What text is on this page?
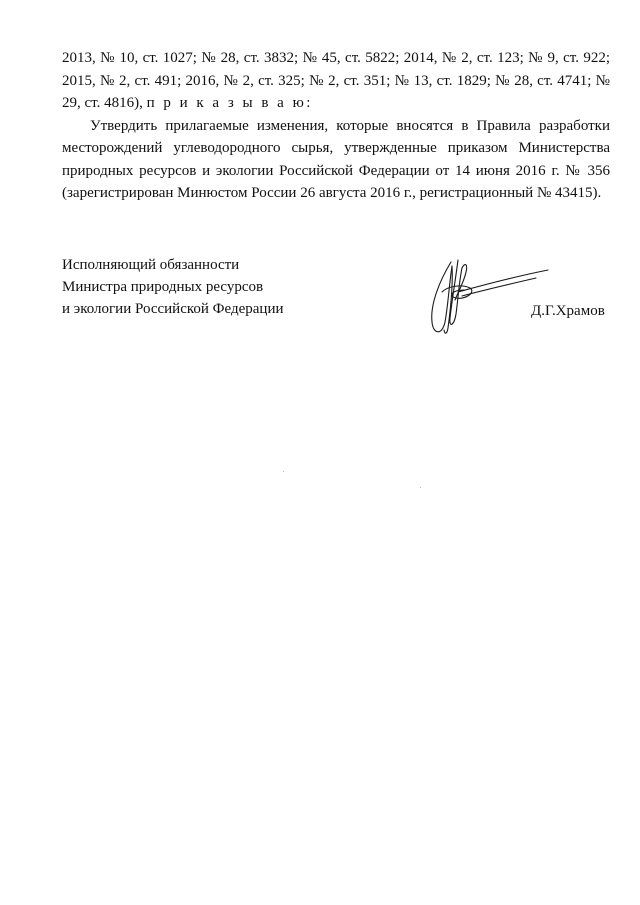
2013, № 10, ст. 1027; № 28, ст. 3832; № 45, ст. 5822; 2014, № 2, ст. 123; № 9, ст. 922; 2015, № 2, ст. 491; 2016, № 2, ст. 325; № 2, ст. 351; № 13, ст. 1829; № 28, ст. 4741; № 29, ст. 4816), п р и к а з ы в а ю:

Утвердить прилагаемые изменения, которые вносятся в Правила разработки месторождений углеводородного сырья, утвержденные приказом Министерства природных ресурсов и экологии Российской Федерации от 14 июня 2016 г. № 356 (зарегистрирован Минюстом России 26 августа 2016 г., регистрационный № 43415).

Исполняющий обязанности
Министра природных ресурсов
и экологии Российской Федерации	Д.Г.Храмов
